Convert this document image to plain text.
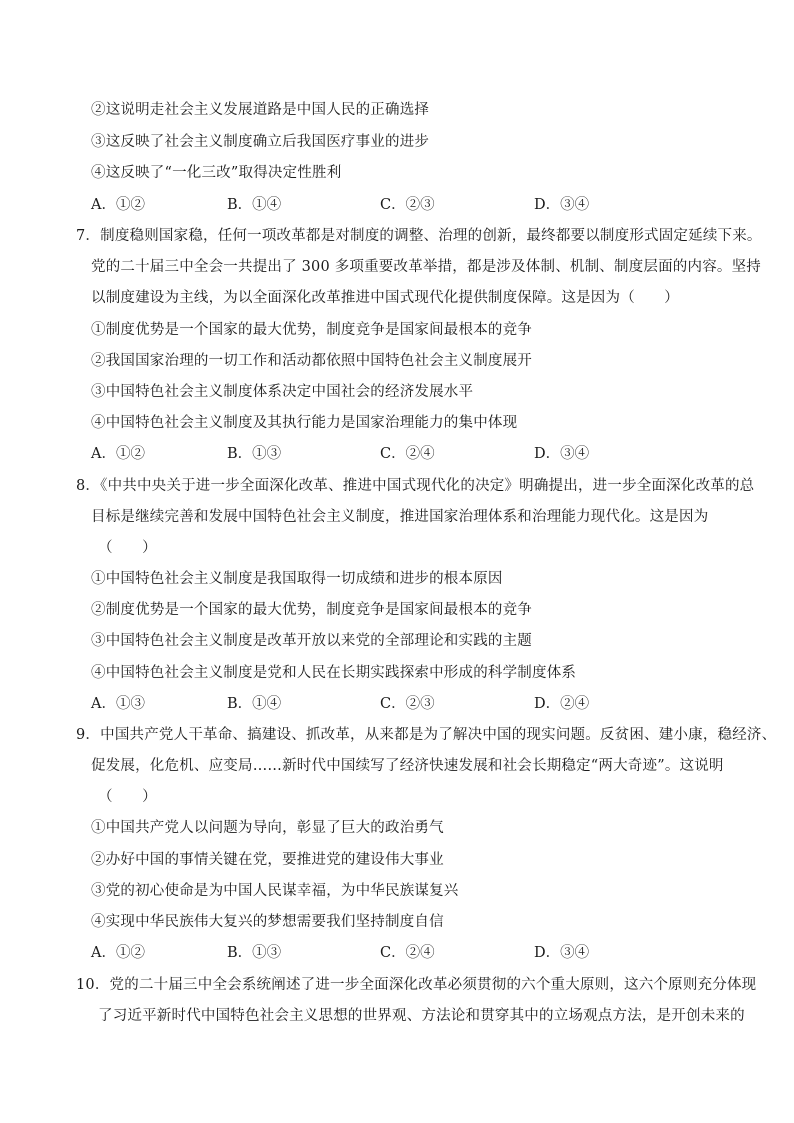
②这说明走社会主义发展道路是中国人民的正确选择
③这反映了社会主义制度确立后我国医疗事业的进步
④这反映了“一化三改”取得决定性胜利
A．①②	B．①④	C．②③	D．③④
7．制度稳则国家稳，任何一项改革都是对制度的调整、治理的创新，最终都要以制度形式固定延续下来。
党的二十届三中全会一共提出了 300 多项重要改革举措，都是涉及体制、机制、制度层面的内容。坚持
以制度建设为主线，为以全面深化改革推进中国式现代化提供制度保障。这是因为（　　）
①制度优势是一个国家的最大优势，制度竞争是国家间最根本的竞争
②我国国家治理的一切工作和活动都依照中国特色社会主义制度展开
③中国特色社会主义制度体系决定中国社会的经济发展水平
④中国特色社会主义制度及其执行能力是国家治理能力的集中体现
A．①②	B．①③	C．②④	D．③④
8．《中共中央关于进一步全面深化改革、推进中国式现代化的决定》明确提出，进一步全面深化改革的总
目标是继续完善和发展中国特色社会主义制度，推进国家治理体系和治理能力现代化。这是因为
（　　）
①中国特色社会主义制度是我国取得一切成绩和进步的根本原因
②制度优势是一个国家的最大优势，制度竞争是国家间最根本的竞争
③中国特色社会主义制度是改革开放以来党的全部理论和实践的主题
④中国特色社会主义制度是党和人民在长期实践探索中形成的科学制度体系
A．①③	B．①④	C．②③	D．②④
9．中国共产党人干革命、搞建设、抓改革，从来都是为了解决中国的现实问题。反贫困、建小康，稳经济、
促发展，化危机、应变局……新时代中国续写了经济快速发展和社会长期稳定“两大奇迹”。这说明
（　　）
①中国共产党人以问题为导向，彰显了巨大的政治勇气
②办好中国的事情关键在党，要推进党的建设伟大事业
③党的初心使命是为中国人民谋幸福，为中华民族谋复兴
④实现中华民族伟大复兴的梦想需要我们坚持制度自信
A．①②	B．①③	C．②④	D．③④
10．党的二十届三中全会系统阐述了进一步全面深化改革必须贯彻的六个重大原则，这六个原则充分体现
了习近平新时代中国特色社会主义思想的世界观、方法论和贯穿其中的立场观点方法，是开创未来的
